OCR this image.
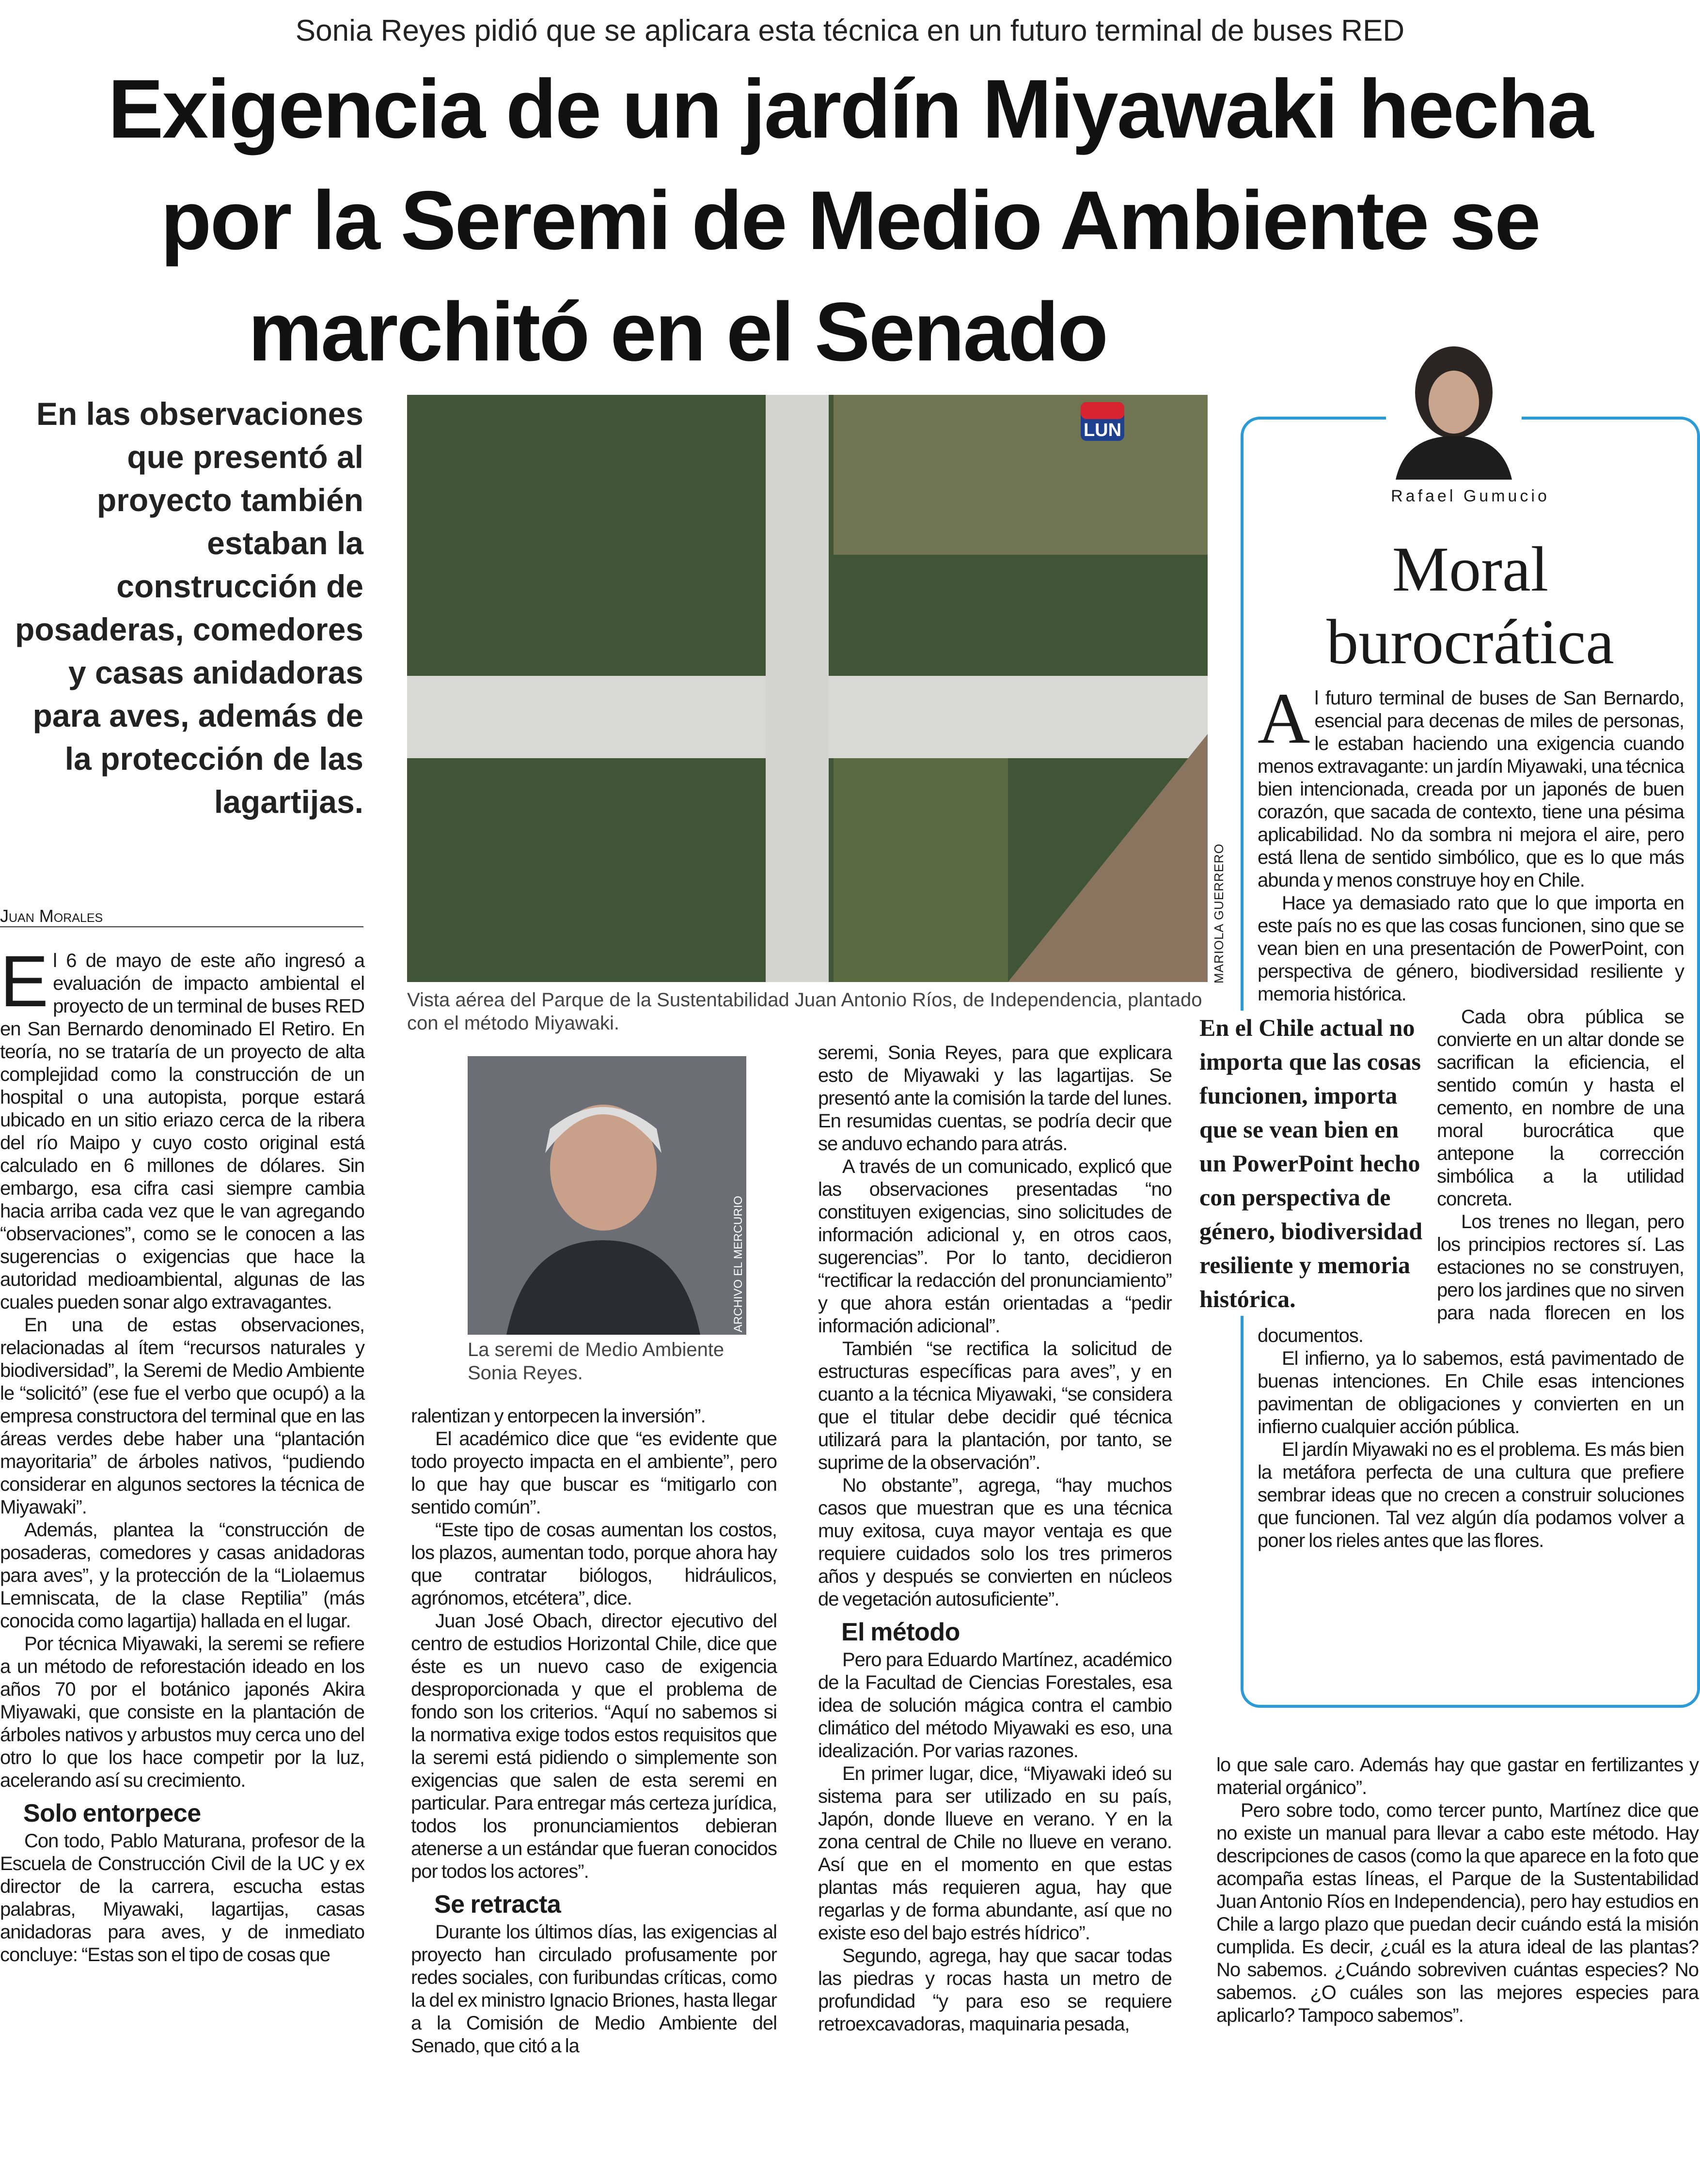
Sonia Reyes pidió que se aplicara esta técnica en un futuro terminal de buses RED
Exigencia de un jardín Miyawaki hecha
por la Seremi de Medio Ambiente se
marchitó en el Senado
En las observaciones que presentó al proyecto también estaban la construcción de posaderas, comedores y casas anidadoras para aves, además de la protección de las lagartijas.
LUN
MARIOLA GUERRERO
Vista aérea del Parque de la Sustentabilidad Juan Antonio Ríos, de Independencia, plantado con el método Miyawaki.
ARCHIVO EL MERCURIO
La seremi de Medio Ambiente Sonia Reyes.
Juan Morales
E l 6 de mayo de este año ingresó a evaluación de impacto ambiental el proyecto de un terminal de buses RED en San Bernardo denominado El Retiro. En teoría, no se trataría de un proyecto de alta complejidad como la construcción de un hospital o una autopista, porque estará ubicado en un sitio eriazo cerca de la ribera del río Maipo y cuyo costo original está calculado en 6 millones de dólares. Sin embargo, esa cifra casi siempre cambia hacia arriba cada vez que le van agregando “observaciones”, como se le conocen a las sugerencias o exigencias que hace la autoridad medioambiental, algunas de las cuales pueden sonar algo extravagantes.

En una de estas observaciones, relacionadas al ítem “recursos naturales y biodiversidad”, la Seremi de Medio Ambiente le “solicitó” (ese fue el verbo que ocupó) a la empresa constructora del terminal que en las áreas verdes debe haber una “plantación mayoritaria” de árboles nativos, “pudiendo considerar en algunos sectores la técnica de Miyawaki”.

Además, plantea la “construcción de posaderas, comedores y casas anidadoras para aves”, y la protección de la “Liolaemus Lemniscata, de la clase Reptilia” (más conocida como lagartija) hallada en el lugar.

Por técnica Miyawaki, la seremi se refiere a un método de reforestación ideado en los años 70 por el botánico japonés Akira Miyawaki, que consiste en la plantación de árboles nativos y arbustos muy cerca uno del otro lo que los hace competir por la luz, acelerando así su crecimiento.

Solo entorpece

Con todo, Pablo Maturana, profesor de la Escuela de Construcción Civil de la UC y ex director de la carrera, escucha estas palabras, Miyawaki, lagartijas, casas anidadoras para aves, y de inmediato concluye: “Estas son el tipo de cosas que

ralentizan y entorpecen la inversión”.

El académico dice que “es evidente que todo proyecto impacta en el ambiente”, pero lo que hay que buscar es “mitigarlo con sentido común”.

“Este tipo de cosas aumentan los costos, los plazos, aumentan todo, porque ahora hay que contratar biólogos, hidráulicos, agrónomos, etcétera”, dice.

Juan José Obach, director ejecutivo del centro de estudios Horizontal Chile, dice que éste es un nuevo caso de exigencia desproporcionada y que el problema de fondo son los criterios. “Aquí no sabemos si la normativa exige todos estos requisitos que la seremi está pidiendo o simplemente son exigencias que salen de esta seremi en particular. Para entregar más certeza jurídica, todos los pronunciamientos debieran atenerse a un estándar que fueran conocidos por todos los actores”.

Se retracta

Durante los últimos días, las exigencias al proyecto han circulado profusamente por redes sociales, con furibundas críticas, como la del ex ministro Ignacio Briones, hasta llegar a la Comisión de Medio Ambiente del Senado, que citó a la

seremi, Sonia Reyes, para que explicara esto de Miyawaki y las lagartijas. Se presentó ante la comisión la tarde del lunes. En resumidas cuentas, se podría decir que se anduvo echando para atrás.

A través de un comunicado, explicó que las observaciones presentadas “no constituyen exigencias, sino solicitudes de información adicional y, en otros caos, sugerencias”. Por lo tanto, decidieron “rectificar la redacción del pronunciamiento” y que ahora están orientadas a “pedir información adicional”.

También “se rectifica la solicitud de estructuras específicas para aves”, y en cuanto a la técnica Miyawaki, “se considera que el titular debe decidir qué técnica utilizará para la plantación, por tanto, se suprime de la observación”.

No obstante”, agrega, “hay muchos casos que muestran que es una técnica muy exitosa, cuya mayor ventaja es que requiere cuidados solo los tres primeros años y después se convierten en núcleos de vegetación autosuficiente”.

El método

Pero para Eduardo Martínez, académico de la Facultad de Ciencias Forestales, esa idea de solución mágica contra el cambio climático del método Miyawaki es eso, una idealización. Por varias razones.

En primer lugar, dice, “Miyawaki ideó su sistema para ser utilizado en su país, Japón, donde llueve en verano. Y en la zona central de Chile no llueve en verano. Así que en el momento en que estas plantas más requieren agua, hay que regarlas y de forma abundante, así que no existe eso del bajo estrés hídrico”.

Segundo, agrega, hay que sacar todas las piedras y rocas hasta un metro de profundidad “y para eso se requiere retroexcavadoras, maquinaria pesada,

lo que sale caro. Además hay que gastar en fertilizantes y material orgánico”.

Pero sobre todo, como tercer punto, Martínez dice que no existe un manual para llevar a cabo este método. Hay descripciones de casos (como la que aparece en la foto que acompaña estas líneas, el Parque de la Sustentabilidad Juan Antonio Ríos en Independencia), pero hay estudios en Chile a largo plazo que puedan decir cuándo está la misión cumplida. Es decir, ¿cuál es la atura ideal de las plantas? No sabemos. ¿Cuándo sobreviven cuántas especies? No sabemos. ¿O cuáles son las mejores especies para aplicarlo? Tampoco sabemos”.

Rafael Gumucio
Moral
burocrática
A l futuro terminal de buses de San Bernardo, esencial para decenas de miles de personas, le estaban haciendo una exigencia cuando menos extravagante: un jardín Miyawaki, una técnica bien intencionada, creada por un japonés de buen corazón, que sacada de contexto, tiene una pésima aplicabilidad. No da sombra ni mejora el aire, pero está llena de sentido simbólico, que es lo que más abunda y menos construye hoy en Chile.

Hace ya demasiado rato que lo que importa en este país no es que las cosas funcionen, sino que se vean bien en una presentación de PowerPoint, con perspectiva de género, biodiversidad resiliente y memoria histórica.

En el Chile actual no importa que las cosas funcionen, importa que se vean bien en un PowerPoint hecho con perspectiva de género, biodiversidad resiliente y memoria histórica.

Cada obra pública se convierte en un altar donde se sacrifican la eficiencia, el sentido común y hasta el cemento, en nombre de una moral burocrática que antepone la corrección simbólica a la utilidad concreta.

Los trenes no llegan, pero los principios rectores sí. Las estaciones no se construyen, pero los jardines que no sirven para nada florecen en los documentos.

El infierno, ya lo sabemos, está pavimentado de buenas intenciones. En Chile esas intenciones pavimentan de obligaciones y convierten en un infierno cualquier acción pública.

El jardín Miyawaki no es el problema. Es más bien la metáfora perfecta de una cultura que prefiere sembrar ideas que no crecen a construir soluciones que funcionen. Tal vez algún día podamos volver a poner los rieles antes que las flores.
